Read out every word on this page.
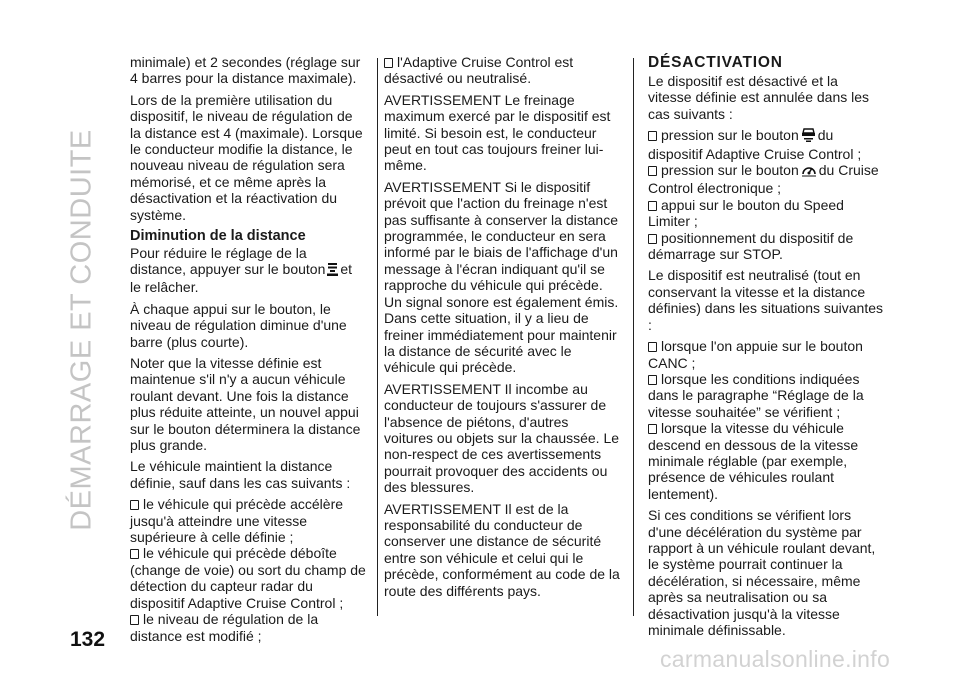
DÉMARRAGE ET CONDUITE
132

minimale) et 2 secondes (réglage sur 4 barres pour la distance maximale).

Lors de la première utilisation du dispositif, le niveau de régulation de la distance est 4 (maximale). Lorsque le conducteur modifie la distance, le nouveau niveau de régulation sera mémorisé, et ce même après la désactivation et la réactivation du système.

Diminution de la distance

Pour réduire le réglage de la distance, appuyer sur le bouton et le relâcher.

À chaque appui sur le bouton, le niveau de régulation diminue d'une barre (plus courte).

Noter que la vitesse définie est maintenue s'il n'y a aucun véhicule roulant devant. Une fois la distance plus réduite atteinte, un nouvel appui sur le bouton déterminera la distance plus grande.

Le véhicule maintient la distance définie, sauf dans les cas suivants :

le véhicule qui précède accélère jusqu'à atteindre une vitesse supérieure à celle définie ;

le véhicule qui précède déboîte (change de voie) ou sort du champ de détection du capteur radar du dispositif Adaptive Cruise Control ;

le niveau de régulation de la distance est modifié ;

l'Adaptive Cruise Control est désactivé ou neutralisé.

AVERTISSEMENT Le freinage maximum exercé par le dispositif est limité. Si besoin est, le conducteur peut en tout cas toujours freiner lui-même.

AVERTISSEMENT Si le dispositif prévoit que l'action du freinage n'est pas suffisante à conserver la distance programmée, le conducteur en sera informé par le biais de l'affichage d'un message à l'écran indiquant qu'il se rapproche du véhicule qui précède. Un signal sonore est également émis. Dans cette situation, il y a lieu de freiner immédiatement pour maintenir la distance de sécurité avec le véhicule qui précède.

AVERTISSEMENT Il incombe au conducteur de toujours s'assurer de l'absence de piétons, d'autres voitures ou objets sur la chaussée. Le non-respect de ces avertissements pourrait provoquer des accidents ou des blessures.

AVERTISSEMENT Il est de la responsabilité du conducteur de conserver une distance de sécurité entre son véhicule et celui qui le précède, conformément au code de la route des différents pays.

DÉSACTIVATION

Le dispositif est désactivé et la vitesse définie est annulée dans les cas suivants :

pression sur le bouton du dispositif Adaptive Cruise Control ;

pression sur le bouton du Cruise Control électronique ;

appui sur le bouton du Speed Limiter ;

positionnement du dispositif de démarrage sur STOP.

Le dispositif est neutralisé (tout en conservant la vitesse et la distance définies) dans les situations suivantes :

lorsque l'on appuie sur le bouton CANC ;

lorsque les conditions indiquées dans le paragraphe “Réglage de la vitesse souhaitée” se vérifient ;

lorsque la vitesse du véhicule descend en dessous de la vitesse minimale réglable (par exemple, présence de véhicules roulant lentement).

Si ces conditions se vérifient lors d'une décélération du système par rapport à un véhicule roulant devant, le système pourrait continuer la décélération, si nécessaire, même après sa neutralisation ou sa désactivation jusqu'à la vitesse minimale définissable.

carmanualsonline.info
